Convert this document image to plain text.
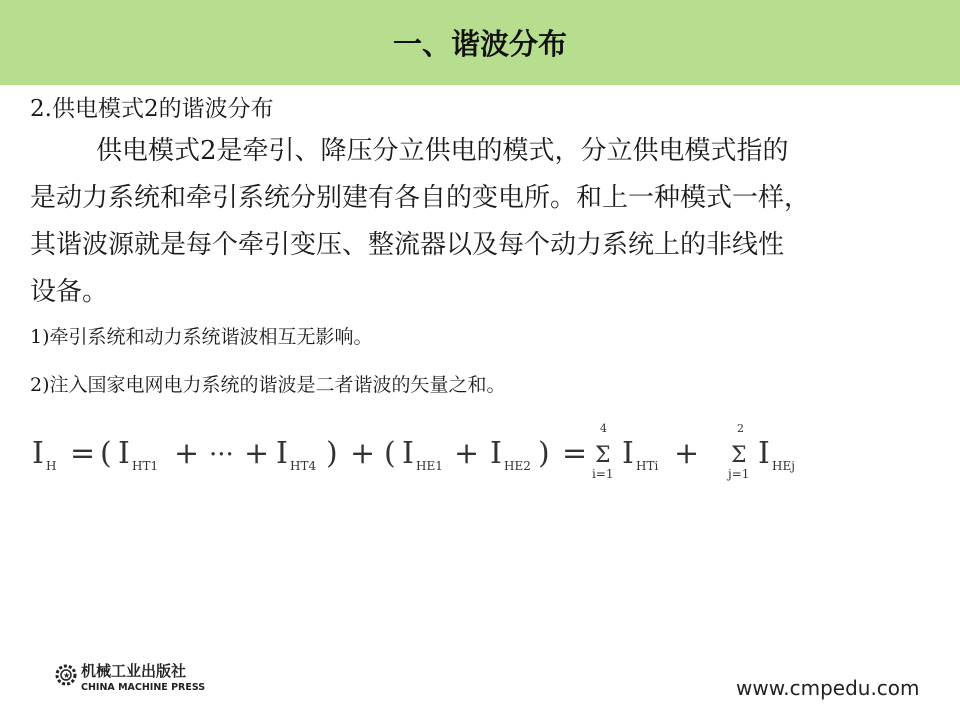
一、谐波分布
2.供电模式2的谐波分布

供电模式2是牵引、降压分立供电的模式，分立供电模式指的

是动力系统和牵引系统分别建有各自的变电所。和上一种模式一样，

其谐波源就是每个牵引变压、整流器以及每个动力系统上的非线性

设备。

1)牵引系统和动力系统谐波相互无影响。
2)注入国家电网电力系统的谐波是二者谐波的矢量之和。
I H = ( I HT1 + ··· + I HT4 ) + ( I HE1 + I HE2 ) =
4
Σ
i=1
I HTi +
2
Σ
j=1
I HEj
★ 机械工业出版社
CHINA MACHINE PRESS	www.cmpedu.com
